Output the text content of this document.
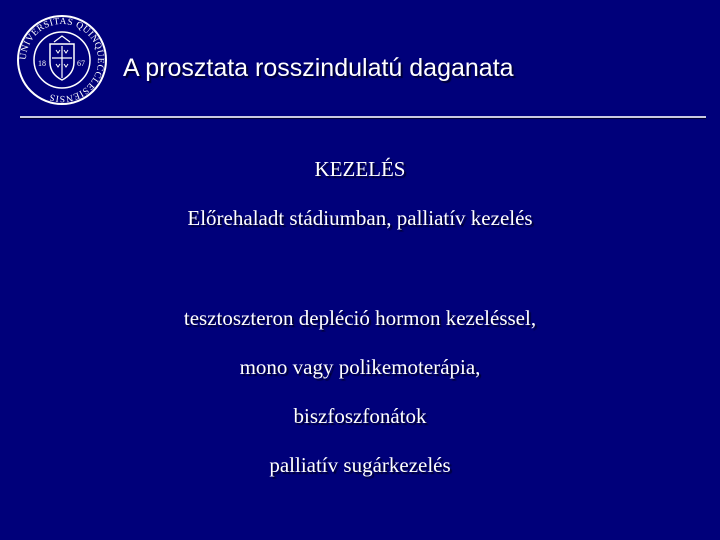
UNIVERSITAS QUINQUECCLESIENSIS
18	67 A prosztata rosszindulatú daganata
KEZELÉS
Előrehaladt stádiumban, palliatív kezelés
tesztoszteron depléció hormon kezeléssel,
mono vagy polikemoterápia,
biszfoszfonátok
palliatív sugárkezelés
